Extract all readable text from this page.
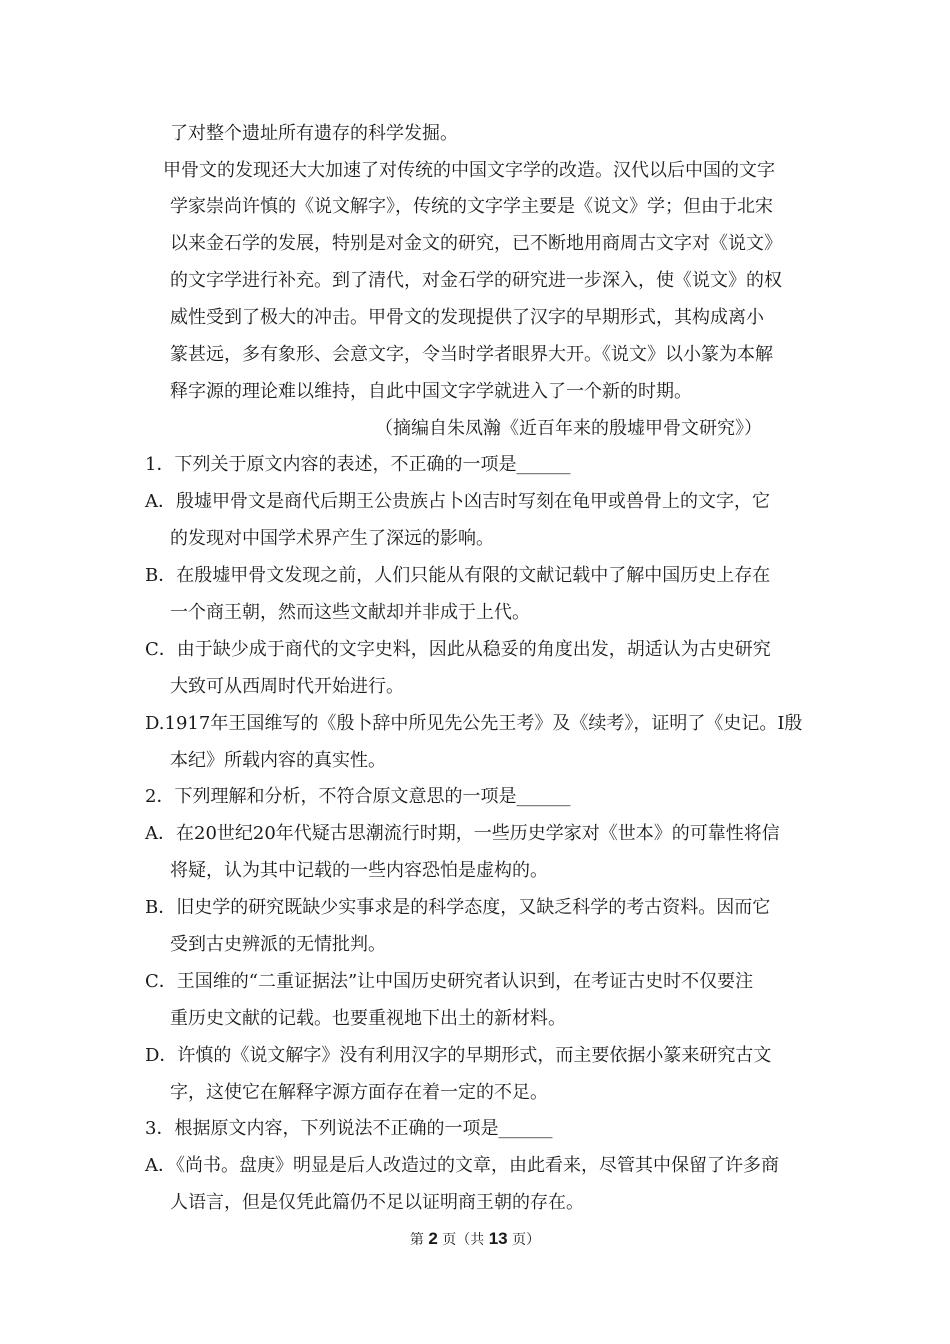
了对整个遗址所有遗存的科学发掘。
甲骨文的发现还大大加速了对传统的中国文字学的改造。汉代以后中国的文字
学家崇尚许慎的《说文解字》，传统的文字学主要是《说文》学；但由于北宋
以来金石学的发展，特别是对金文的研究，已不断地用商周古文字对《说文》
的文字学进行补充。到了清代，对金石学的研究进一步深入，使《说文》的权
威性受到了极大的冲击。甲骨文的发现提供了汉字的早期形式，其构成离小
篆甚远，多有象形、会意文字，令当时学者眼界大开。《说文》以小篆为本解
释字源的理论难以维持，自此中国文字学就进入了一个新的时期。
（摘编自朱凤瀚《近百年来的殷墟甲骨文研究》）
1．下列关于原文内容的表述，不正确的一项是______
A．殷墟甲骨文是商代后期王公贵族占卜凶吉时写刻在龟甲或兽骨上的文字，它
的发现对中国学术界产生了深远的影响。
B．在殷墟甲骨文发现之前，人们只能从有限的文献记载中了解中国历史上存在
一个商王朝，然而这些文献却并非成于上代。
C．由于缺少成于商代的文字史料，因此从稳妥的角度出发，胡适认为古史研究
大致可从西周时代开始进行。
D.1917年王国维写的《殷卜辞中所见先公先王考》及《续考》，证明了《史记。I殷
本纪》所载内容的真实性。
2．下列理解和分析，不符合原文意思的一项是______
A．在20世纪20年代疑古思潮流行时期，一些历史学家对《世本》的可靠性将信
将疑，认为其中记载的一些内容恐怕是虚构的。
B．旧史学的研究既缺少实事求是的科学态度，又缺乏科学的考古资料。因而它
受到古史辨派的无情批判。
C．王国维的“二重证据法”让中国历史研究者认识到，在考证古史时不仅要注
重历史文献的记载。也要重视地下出土的新材料。
D．许慎的《说文解字》没有利用汉字的早期形式，而主要依据小篆来研究古文
字，这使它在解释字源方面存在着一定的不足。
3．根据原文内容，下列说法不正确的一项是______
A．《尚书。盘庚》明显是后人改造过的文章，由此看来，尽管其中保留了许多商
人语言，但是仅凭此篇仍不足以证明商王朝的存在。
第 2 页（共 13 页）
